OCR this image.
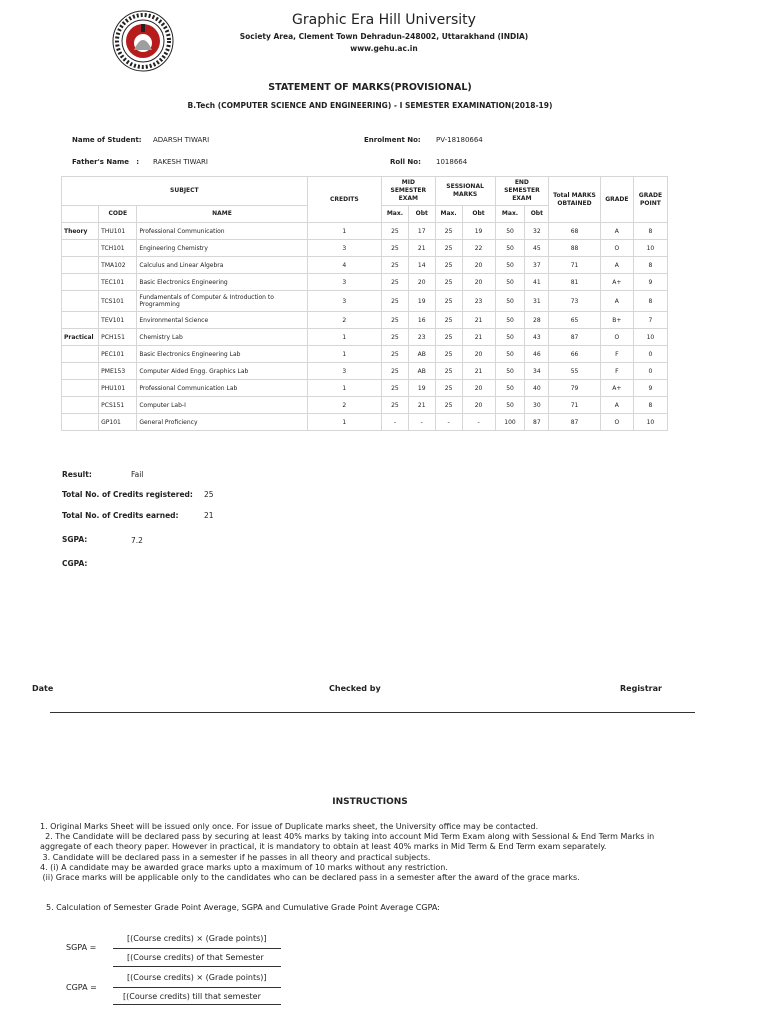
Graphic Era Hill University
Society Area, Clement Town Dehradun-248002, Uttarakhand (INDIA)
www.gehu.ac.in
STATEMENT OF MARKS(PROVISIONAL)
B.Tech (COMPUTER SCIENCE AND ENGINEERING) - I SEMESTER EXAMINATION(2018-19)
Name of Student: ADARSH TIWARI	Enrolment No: PV-18180664
Father's Name   : RAKESH TIWARI	Roll No: 1018664
SUBJECT			CREDITS	MID SEMESTER EXAM		SESSIONAL MARKS		END SEMESTER EXAM		Total MARKS OBTAINED	GRADE	GRADE POINT
	CODE	NAME		Max.	Obt	Max.	Obt	Max.	Obt			
Theory	THU101	Professional Communication	1	25	17	25	19	50	32	68	A	8
	TCH101	Engineering Chemistry	3	25	21	25	22	50	45	88	O	10
	TMA102	Calculus and Linear Algebra	4	25	14	25	20	50	37	71	A	8
	TEC101	Basic Electronics Engineering	3	25	20	25	20	50	41	81	A+	9
	TCS101	Fundamentals of Computer & Introduction to Programming	3	25	19	25	23	50	31	73	A	8
	TEV101	Environmental Science	2	25	16	25	21	50	28	65	B+	7
Practical	PCH151	Chemistry Lab	1	25	23	25	21	50	43	87	O	10
	PEC101	Basic Electronics Engineering Lab	1	25	AB	25	20	50	46	66	F	0
	PME153	Computer Aided Engg. Graphics Lab	3	25	AB	25	21	50	34	55	F	0
	PHU101	Professional Communication Lab	1	25	19	25	20	50	40	79	A+	9
	PCS151	Computer Lab-I	2	25	21	25	20	50	30	71	A	8
	GP101	General Proficiency	1	-	-	-	-	100	87	87	O	10
Result:	Fail
Total No. of Credits registered: 25
Total No. of Credits earned:	21
SGPA:	7.2
CGPA:
Date	Checked by	Registrar
INSTRUCTIONS
1. Original Marks Sheet will be issued only once. For issue of Duplicate marks sheet, the University office may be contacted.
2. The Candidate will be declared pass by securing at least 40% marks by taking into account Mid Term Exam along with Sessional & End Term Marks in
aggregate of each theory paper. However in practical, it is mandatory to obtain at least 40% marks in Mid Term & End Term exam separately.
3. Candidate will be declared pass in a semester if he passes in all theory and practical subjects.
4. (i) A candidate may be awarded grace marks upto a maximum of 10 marks without any restriction.
(ii) Grace marks will be applicable only to the candidates who can be declared pass in a semester after the award of the grace marks.
5. Calculation of Semester Grade Point Average, SGPA and Cumulative Grade Point Average CGPA:
[(Course credits) × (Grade points)]
SGPA =
[(Course credits) of that Semester
[(Course credits) × (Grade points)]
CGPA =
[(Course credits) till that semester
